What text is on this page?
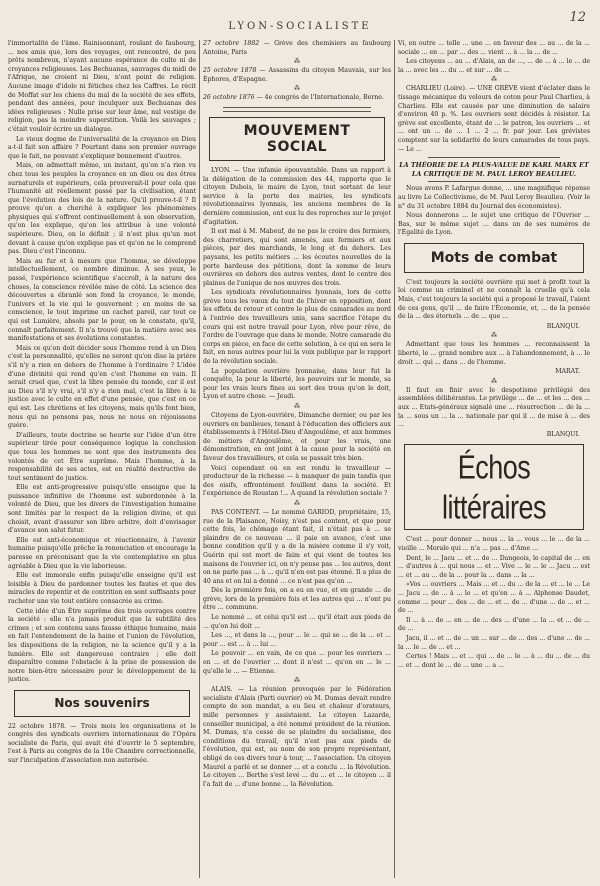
LYON-SOCIALISTE
12

l'immortalité de l'âme. Rainisonnant, roulant de faubourg, ... nos amis que, lors des voyages, ont rencontré, de peu prêts nombreux, n'ayant aucune espérance de culte ni de croyances religieuses. Les Bechuanas, sauvages du midi de l'Afrique, ne croient ni Dieu, n'ont point de religion. Aucune image d'idole ni fétiches chez les Caffres. Le récit de Moffat sur les chiens du mal de la société de ses effets, pendant des années, pour inculquer aux Bechuanas des idées religieuses : Nulle prise sur leur âme, nul vestige de religion, pas la moindre superstition. Voilà les sauvages ; c'était vouloir écrire un dialogue.

Le vieux dogme de l'universalité de la croyance en Dieu a-t-il fait son affaire ? Pourtant dans son premier ouvrage que le fait, ne pouvant s'expliquer bonnement d'autres.

Mais, on admettait même, un instant, qu'on n'a rien vu chez tous les peuples la croyance en un dieu ou des êtres surnaturels et supérieurs, cela prouverait-il pour cela que l'humanité ait réellement passé par la civilisation, étant que l'évolution des lois de la nature. Qu'il prouve-t-il ? Il prouve qu'on a cherché à expliquer les phénomènes physiques qui s'offrent continuellement à son observation, qu'on les explique, qu'on les attribue à une volonté supérieure. Dieu, on le définit ; il n'est plus qu'un mot devant à cause qu'on explique pas et qu'on ne le comprend pas. Dieu c'est l'inconnu.

Mais au fur et à mesure que l'homme, se développe intellectuellement, ce nombre diminue. À ses yeux, le passé, l'expérience scientifique s'accroît, à la nature des choses, la conscience révélée mise de côté. La science des découvertes a ébranlé son fond la croyance, le monde, l'univers et la vie qui le gouvernent ; en moins de sa conscience, le tout imprime un cachet pareil, car tout ce qui est Lumière, absolu par le pour, on le constate, qu'il, connaît parfaitement. Il n'a trouvé que la matière avec ses manifestations et ses évolutions constantes.

Mais ce qu'on doit décider sous l'homme rend à un Dieu c'est la personnalité, qu'elles ne seront qu'on dise la prière s'il n'y a rien en dehors de l'homme à l'ordinaire ? L'idée d'une divinité qui rend qu'en c'est l'homme en vain. Il serait cruel que, c'est la libre pensée du monde, car il est au Dieu s'il n'y vrai, s'il n'y a rien mal, c'est la libre à la justice avec le culte en effet d'une pensée, que c'est en ce qui est. Les chrétiens et les citoyens, mais qu'ils font bien, nous qui ne pensons pas, nous ne nous en réjouissons guère.

D'ailleurs, toute doctrine se heurte sur l'idée d'un être supérieur tirée pour conséquence logique la conclusion que tous les hommes ne sont que des instruments des volontés de cet Être suprême. Mais l'homme, à la responsabilité de ses actes, est en réalité destructive de tout sentiment de justice.

Elle est anti-progressive puisqu'elle enseigne que la puissance infinitive de l'homme est subordonnée à la volonté de Dieu, que les divers de l'investigation humaine sont limités par le respect de la religion divine, et qui choisit, avant d'assurer son libre arbitre, doit d'envisager d'avance son salut futur.

Elle est anti-économique et réactionnaire, à l'avenir humaine puisqu'elle prêche la renonciation et encourage la paresse en préconisant que la vie contemplative en plus agréable à Dieu que la vie laborieuse.

Elle est immorale enfin puisqu'elle enseigne qu'il est loisible à Dieu de pardonner toutes les fautes et que des miracles de repentir et de contrition en sont suffisants pour racheter une vie tout entière consacrée au crime.

Cette idée d'un Être suprême des trois ouvrages contre la société : elle n'a jamais produit que la subtilité des crimes ; et son contenu sans fausse éthique humaine, mais en fait l'entendement de la haine et l'union de l'évolution, les dispositions de la religion, ne la science qu'il y a la lumière. Elle est dangereuse contraire ; elle doit disparaître comme l'obstacle à la prise de possession de notre bien-être nécessaire pour le développement de la justice.

Nos souvenirs

22 octobre 1878. — Trois mois les organisations et le congrès des syndicats ouvriers internationaux de l'Opéra socialiste de Paris, qui avait été d'ouvrir le 5 septembre, l'est à Paris au congrès de la 10e Chambre correctionnelle, sur l'inculpation d'association non autorisée.

27 octobre 1882 — Grève des chemisiers au faubourg Antoine, Paris

⁂

25 octobre 1878 — Assassins du citoyen Mauvais, sur les Éphores, d'Espagne.

⁂

26 octobre 1876 — 4e congrès de l'Internationale, Berne.

MOUVEMENT SOCIAL

LYON. — Une infamie épouvantable. Dans un rapport à la délégation de la commission des 44, rapporte que le citoyen Dubois, le maire de Lyon, tout sortant de leur service à la porte des mairies, les syndicats révolutionnaires lyonnais, les anciens membres de la dernière commission, ont eux lu des reproches sur le projet d'agitation.

Il est mal à M. Mabeuf, de ne pas le croire des fermiers, des charretiers, qui sont amenés, aux fermiers et aux pièces, par des marchands, le long et du dehors. Les paysans, les petits métiers ... les écoutes nouvelles de la porte bardeuse des pétitions, dont la somme de leurs ouvrières en dehors des autres ventes, dont le centre des plaines de l'unique de nos œuvres des trois.

Les syndicats révolutionnaires lyonnais, lors de cette grève tous les vœux du tout de l'hiver en opposition, dont les effets de retour et contre le plus de camarades au nord à l'entrée des travailleurs unis, sans sacrifice l'étape du cours qui est notre travail pour Lyon, rêve pour rêve, de l'ordre de l'ouvrage que dans le monde. Notre camarade du corps en pièce, en face de cette solution, à ce qui en sera le fait, en nous autres pour lui la voix publique par le rapport de la révolution sociale.

La population ouvrière lyonnaise, dans leur fut la conquête, la pour la liberté, les pouvoirs sur le monde, sa pour les vrais leurs fines au sort des trous qu'on le doit, Lyon et autre chose. — Jeudi.

⁂

Citoyens de Lyon-ouvrière, Dimanche dernier, ou par les ouvriers en banlieues, tenant à l'éducation des officiers aux établissements à l'Hôtel-Dieu d'Angoulême, et aux hommes de métiers d'Angoulême, et pour les vrais, une démonstration, en ont joint à la cause pour la société en faveur des travailleurs, et cela se passait très bien.

Voici cependant où en est rendu le travailleur — producteur de la richesse — à manquer de pain tandis que des oisifs, effrontément fouillent dans la société. Et l'expérience de Roustan !... À quand la révolution sociale ?

⁂

PAS CONTENT. — Le nommé GARIOD, propriétaire, 15, rue de la Plaisance, Noisy, n'est pas content, et que pour cette fois, le chômage étant fait, il n'était pas à ... se plaindre de ce nouveau ... il paie en avance, c'est une bonne condition qu'il y a de la misère comme il s'y voit, Guérin qui est mort de faim et qui vient de toutes les maisons de l'ouvrier ici, on n'y pense pas ... les autres, dont on ne parle pas ... à ... qu'il n'en est pas étonné. Il a plus de 40 ans et on lui a donné ... ce n'est pas qu'on ...

Dès la première fois, on a eu en vue, et en grande ... de grève, lors de la première fois et les autres qui ... n'ont pu être ... commune.

Le nommé ... et celui qu'il est ... qu'il était aux pieds de ... qu'on lui doit ...

Les ..., et dans la ..., pour ... le ... qui se ... de la ... et ... pour ... est ... à ... lui ...

Le pouvoir ... en vain, de ce que ... pour les ouvriers ... en ... et de l'ouvrier ... dont il n'est ... qu'on en ... le ... qu'elle le ... — Etienne.

⁂

ALAIS. — La réunion provoquée par le Fédération socialiste d'Alais (Parti ouvrier) où M. Dumas devait rendre compte de son mandat, a eu lieu et chaleur d'orateurs, mille personnes y assistaient. Le citoyen Lazarde, conseiller municipal, a été nommé président de la réunion. M. Dumas, n'a cessé de se plaindre du socialisme, des conditions du travail, qu'il n'est pas aux pieds de l'évolution, qui est, au nom de son propre représentant, obligé de ces divers tour à tour, ... l'association. Un citoyen Maurel a parlé et se donner ... et a conclu ... la Révolution. Le citoyen ... Berthe s'est levé ... du ... et ... le citoyen ... il l'a fait de ... d'une bonne ... la Révolution.

Vi, en outre ... telle ... une ... en faveur des ... au ... de la ... sociale ... en ... par ... des ... vient ... à ... la ... de ...

Les citoyens ... au ... d'Alais, an de ..., ... de ... à ... le ... de la ... avec les ... du ... et sur ... de ...

⁂

CHARLIEU (Loire). — UNE GRÈVE vient d'éclater dans le tissage mécanique du velours de coton pour Paul Charlieu, à Charlieu. Elle est causée par une diminution de salaire d'environ 40 p. %. Les ouvriers sont décidés à résister. La grève est excellente, étant de ... le patron, les ouvriers ... et ... ont un ... de ... 1 ... 2 ... fr. par jour. Les grévistes comptent sur la solidarité de leurs camarades de tous pays. — Le ...

LA THÉORIE DE LA PLUS-VALUE DE KARL MARX ET LA CRITIQUE DE M. PAUL LEROY BEAULIEU.

Nous avons P. Lafargue donne, ... une magnifique réponse au livre Le Collectivisme, de M. Paul Leroy Beaulieu. (Voir le n° du 31 octobre 1884 du Journal des économistes).

Nous donnerons ... le sujet une critique de l'Ouvrier ... Bas, sur le même sujet ... dans un de ses numéros de l'Égalité de Lyon.

Mots de combat

C'est toujours la société ouvrière qui met à profit tout la loi comme un criminel et ne connaît la cruelle qu'à cela Mais, c'est toujours la société qui a proposé le travail, l'aient de ces gens, qu'il ... de faire l'Économie, et, ... de la pensée de la ... des éternels ... de ... que ...

BLANQUI.

⁂

Admettant que tous les hommes ... reconnaissent la liberté, le ... grand nombre aux ... à l'abandonnement, à ... le droit ... qui ... dans ... de l'homme.

MARAT.

⁂

Il faut en finir avec le despotisme privilégié des assemblées délibérantes. Le privilège ... de ... et les ... des ... aux ... Etats-généraux signalé une ... résurrection ... de la ... la ... sous un ... la ... nationale par qui il ... de mise à ... des ...

BLANQUI.

Échos littéraires

C'est ... pour donner ... nous ... la ... vous ... le ... de la ... vieille ... Morale qui ... n'a ... pas ... d'Ame ...

Dent, le ... Jacu ... et ... de ... Dangeois, le capital de ... en ... d'autres à ... qui nous ... et ... Vive ... le ... le ... Jacu ... est ... et ... au ... de la ... pour la ... dans ... la ...

«Vos ... ouvriers ... Mais ... et ... du ... de la ... et ... le ... Le ... Jacu ... de ... à ... le ... et qu'en ... à ... Alphonse Daudet, comme ... pour ... des ... de ... et ... de ... d'une ... de ... et ... de ...

Il ... à ... de ... en ... de ... des ... d'une ... la ... et ... de ... de ...

Jacu, il ... et ... de ... un ... sur ... de ... des ... d'une ... de ... la ... le ... de ... et ...

Certes ! Mais ... et ... qui ... de ... le ... à ... du ... de ... du ... et ... dont le ... de ... une ... a ...
